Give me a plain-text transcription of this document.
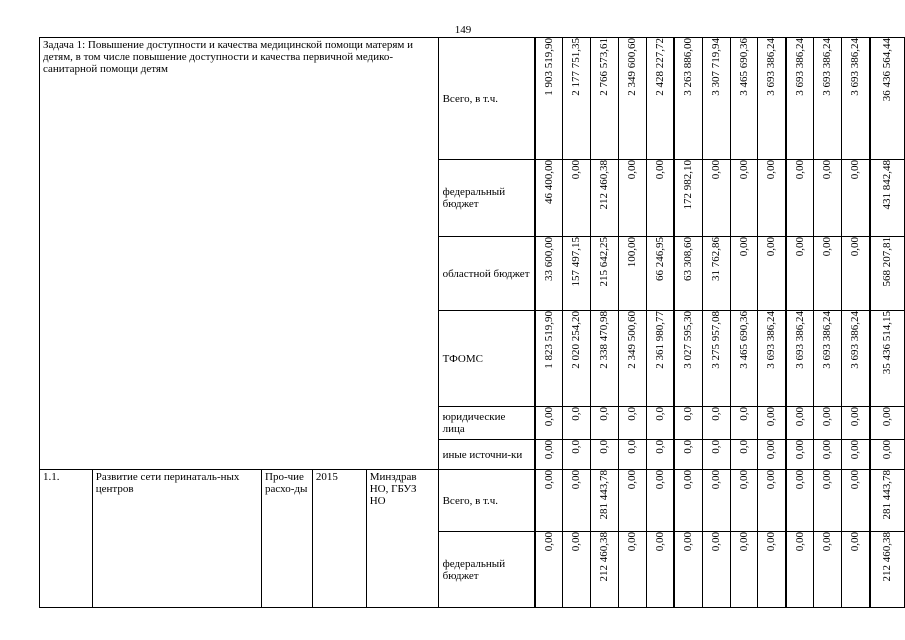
149
Задача 1: Повышение доступности и качества медицинской помощи матерям и детям, в том числе повышение доступности и качества первичной медико-санитарной помощи детям					Всего, в т.ч.	1 903 519,90	2 177 751,35	2 766 573,61	2 349 600,60	2 428 227,72	3 263 886,00	3 307 719,94	3 465 690,36	3 693 386,24	3 693 386,24	3 693 386,24	3 693 386,24	36 436 564,44

					федеральный бюджет	46 400,00	0,00	212 460,38	0,00	0,00	172 982,10	0,00	0,00	0,00	0,00	0,00	0,00	431 842,48

					областной бюджет	33 600,00	157 497,15	215 642,25	100,00	66 246,95	63 308,60	31 762,86	0,00	0,00	0,00	0,00	0,00	568 207,81

					ТФОМС	1 823 519,90	2 020 254,20	2 338 470,98	2 349 500,60	2 361 980,77	3 027 595,30	3 275 957,08	3 465 690,36	3 693 386,24	3 693 386,24	3 693 386,24	3 693 386,24	35 436 514,15

					юридические лица	0,00	0,0	0,0	0,0	0,0	0,0	0,0	0,0	0,00	0,00	0,00	0,00	0,00

					иные источни-ки	0,00	0,0	0,0	0,0	0,0	0,0	0,0	0,0	0,00	0,00	0,00	0,00	0,00

1.1.	Развитие сети перинаталь-ных центров	Про-чие расхо-ды	2015	Минздрав НО, ГБУЗ НО	Всего, в т.ч.	0,00	0,00	281 443,78	0,00	0,00	0,00	0,00	0,00	0,00	0,00	0,00	0,00	281 443,78

					федеральный бюджет	0,00	0,00	212 460,38	0,00	0,00	0,00	0,00	0,00	0,00	0,00	0,00	0,00	212 460,38
